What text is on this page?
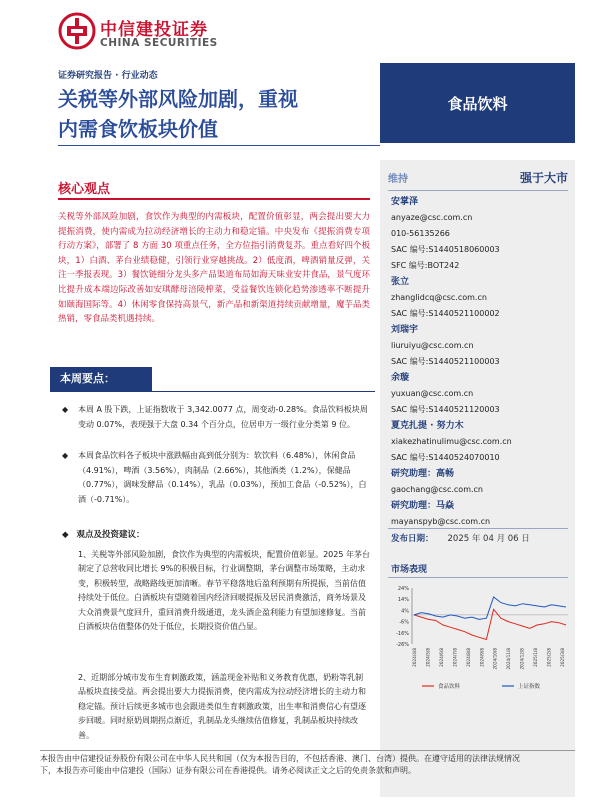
中信建投证券
CHINA SECURITIES
证券研究报告 · 行业动态
关税等外部风险加剧，重视
内需食饮板块价值
食品饮料
核心观点

关税等外部风险加剧，食饮作为典型的内需板块，配置价值彰显，两会提出要大力提振消费，使内需成为拉动经济增长的主动力和稳定锚。中央发布《提振消费专项行动方案》，部署了 8 方面 30 项重点任务，全方位指引消费复苏。重点看好四个板块，1）白酒、茅台业绩稳健，引领行业穿越挑战。2）低度酒，啤酒销量反弹，关注一季报表现。3）餐饮链细分龙头多产品渠道布局如海天味业安井食品，景气度环比提升成本端边际改善如安琪酵母涪陵榨菜，受益餐饮连锁化趋势渗透率不断提升如颐海国际等。4）休闲零食保持高景气，新产品和新渠道持续贡献增量，魔芋品类热销，零食品类机遇持续。

本周要点：
◆ 本周 A 股下跌，上证指数收于 3,342.0077 点，周变动-0.28%。食品饮料板块周变动 0.07%，表现强于大盘 0.34 个百分点，位居申万一级行业分类第 9 位。
◆ 本周食品饮料各子板块中涨跌幅由高到低分别为：软饮料（6.48%），休闲食品（4.91%），啤酒（3.56%），肉制品（2.66%），其他酒类（1.2%），保健品（0.77%），调味发酵品（0.14%），乳品（0.03%），预加工食品（-0.52%），白酒（-0.71%）。
◆ 观点及投资建议：
1、关税等外部风险加剧，食饮作为典型的内需板块，配置价值彰显。2025 年茅台制定了总营收同比增长 9%的积极目标，行业调整期，茅台调整市场策略，主动求变，积极转型，战略路线更加清晰。春节平稳落地后盈利预期有所提振，当前估值持续处于低位。白酒板块有望随着国内经济回暖提振及居民消费激活，商务场景及大众消费景气度回升，重回消费升级通道，龙头酒企盈利能力有望加速修复。当前白酒板块估值整体仍处于低位，长期投资价值凸显。
2、近期部分城市发布生育刺激政策，涵盖现金补贴和义务教育优惠，奶粉等乳制品板块直接受益。两会提出要大力提振消费，使内需成为拉动经济增长的主动力和稳定锚。预计后续更多城市也会跟进类似生育刺激政策，出生率和消费信心有望逐步回暖。同时原奶周期拐点渐近，乳制品龙头继续估值修复，乳制品板块持续改善。
维持	强于大市
安掌泽
anyaze@csc.com.cn
010-56135266
SAC 编号:S1440518060003
SFC 编号:BOT242
张立
zhanglidcq@csc.com.cn
SAC 编号:S1440521100002
刘瑞宇
liuruiyu@csc.com.cn
SAC 编号:S1440521100003
余璇
yuxuan@csc.com.cn
SAC 编号:S1440521120003
夏克扎提 · 努力木
xiakezhatinulimu@csc.com.cn
SAC 编号:S1440524070010
研究助理：高畅
gaochang@csc.com.cn
研究助理：马焱
mayanspyb@csc.com.cn
发布日期： 2025 年 04 月 06 日
市场表现
24%
14%
4%
-6%
-16%
-26%
2024/4/8 2024/5/8 2024/6/8 2024/7/8 2024/8/8 2024/9/8 2024/10/8 2024/11/8 2024/12/8 2025/1/8 2025/2/8 2025/3/8
食品饮料	上证指数
本报告由中信建投证券股份有限公司在中华人民共和国（仅为本报告目的，不包括香港、澳门、台湾）提供。在遵守适用的法律法规情况
下，本报告亦可能由中信建投（国际）证券有限公司在香港提供。请务必阅读正文之后的免责条款和声明。
